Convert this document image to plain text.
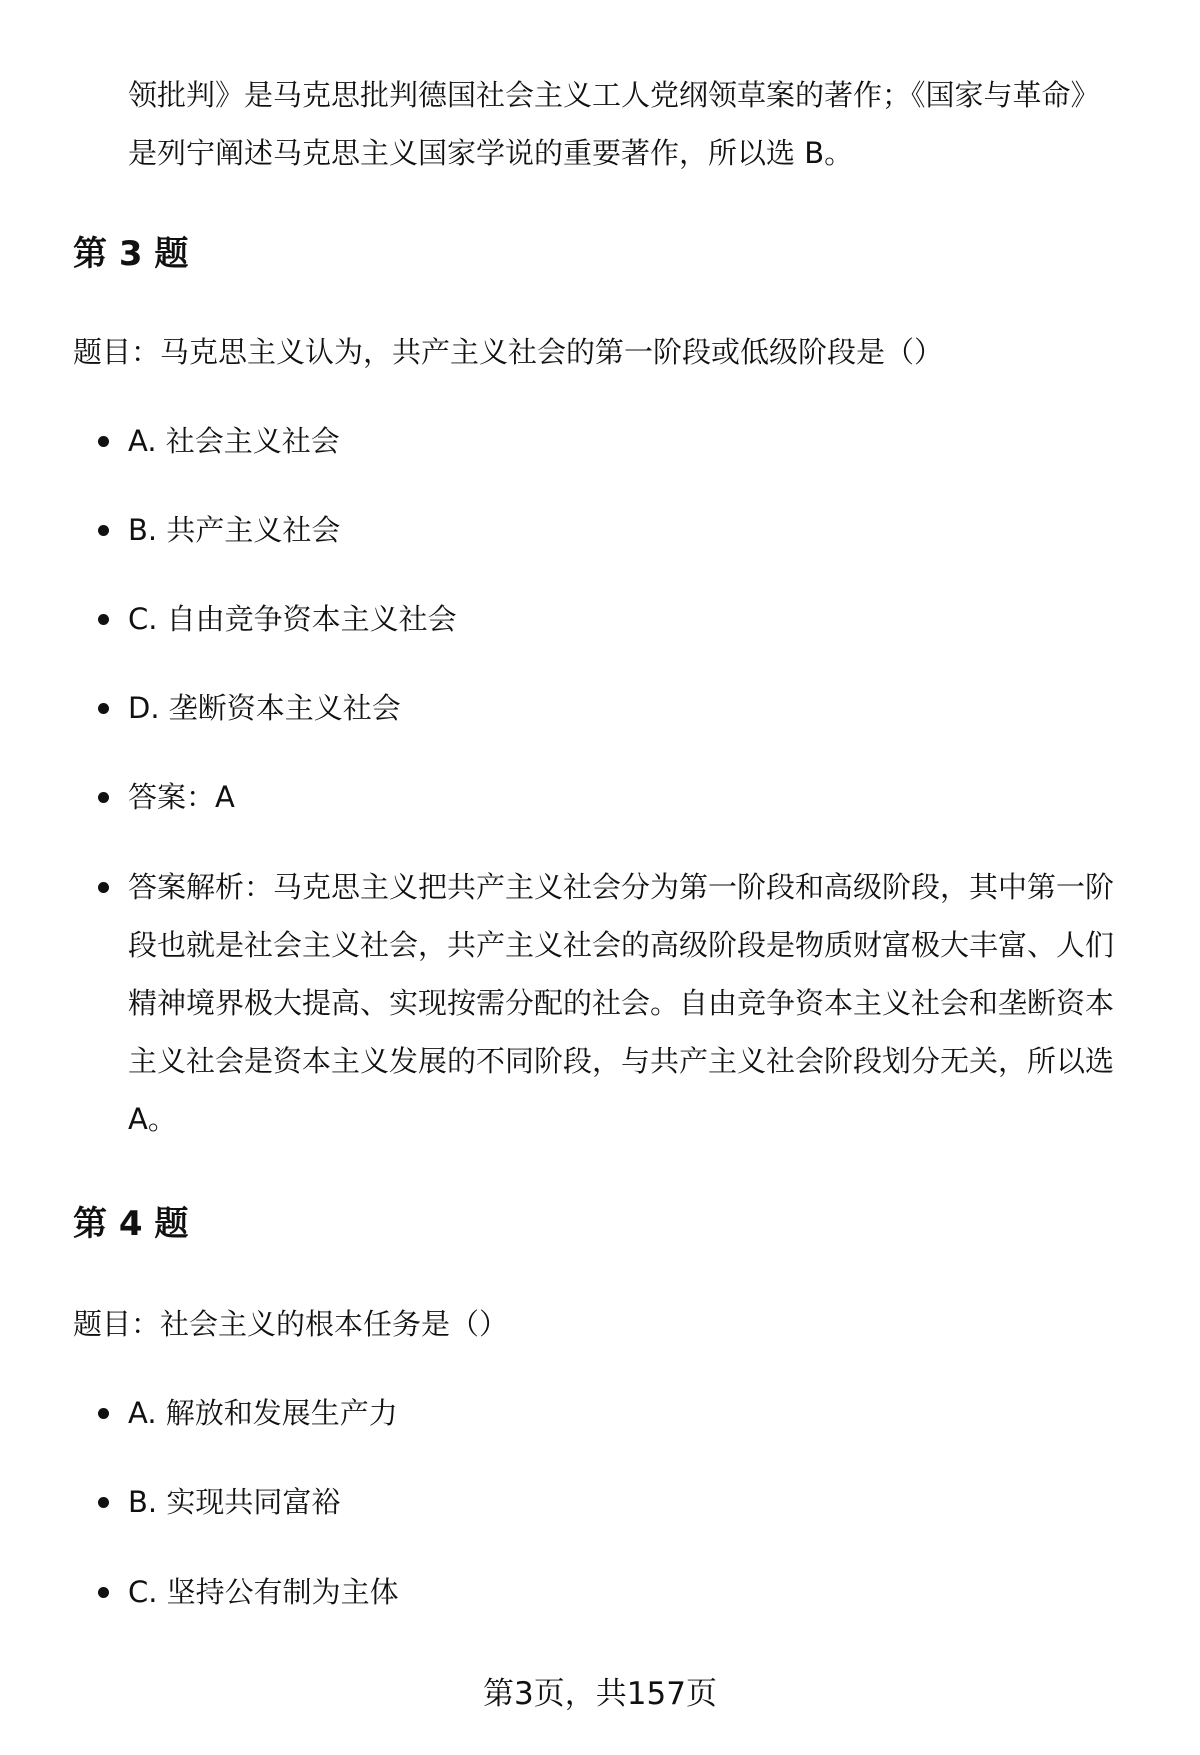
领批判》是马克思批判德国社会主义工人党纲领草案的著作；《国家与革命》
是列宁阐述马克思主义国家学说的重要著作，所以选 B。
第 3 题
题目：马克思主义认为，共产主义社会的第一阶段或低级阶段是（）
A. 社会主义社会
B. 共产主义社会
C. 自由竞争资本主义社会
D. 垄断资本主义社会
答案：A
答案解析：马克思主义把共产主义社会分为第一阶段和高级阶段，其中第一阶
段也就是社会主义社会，共产主义社会的高级阶段是物质财富极大丰富、人们
精神境界极大提高、实现按需分配的社会。自由竞争资本主义社会和垄断资本
主义社会是资本主义发展的不同阶段，与共产主义社会阶段划分无关，所以选
A。
第 4 题
题目：社会主义的根本任务是（）
A. 解放和发展生产力
B. 实现共同富裕
C. 坚持公有制为主体
第3页，共157页
